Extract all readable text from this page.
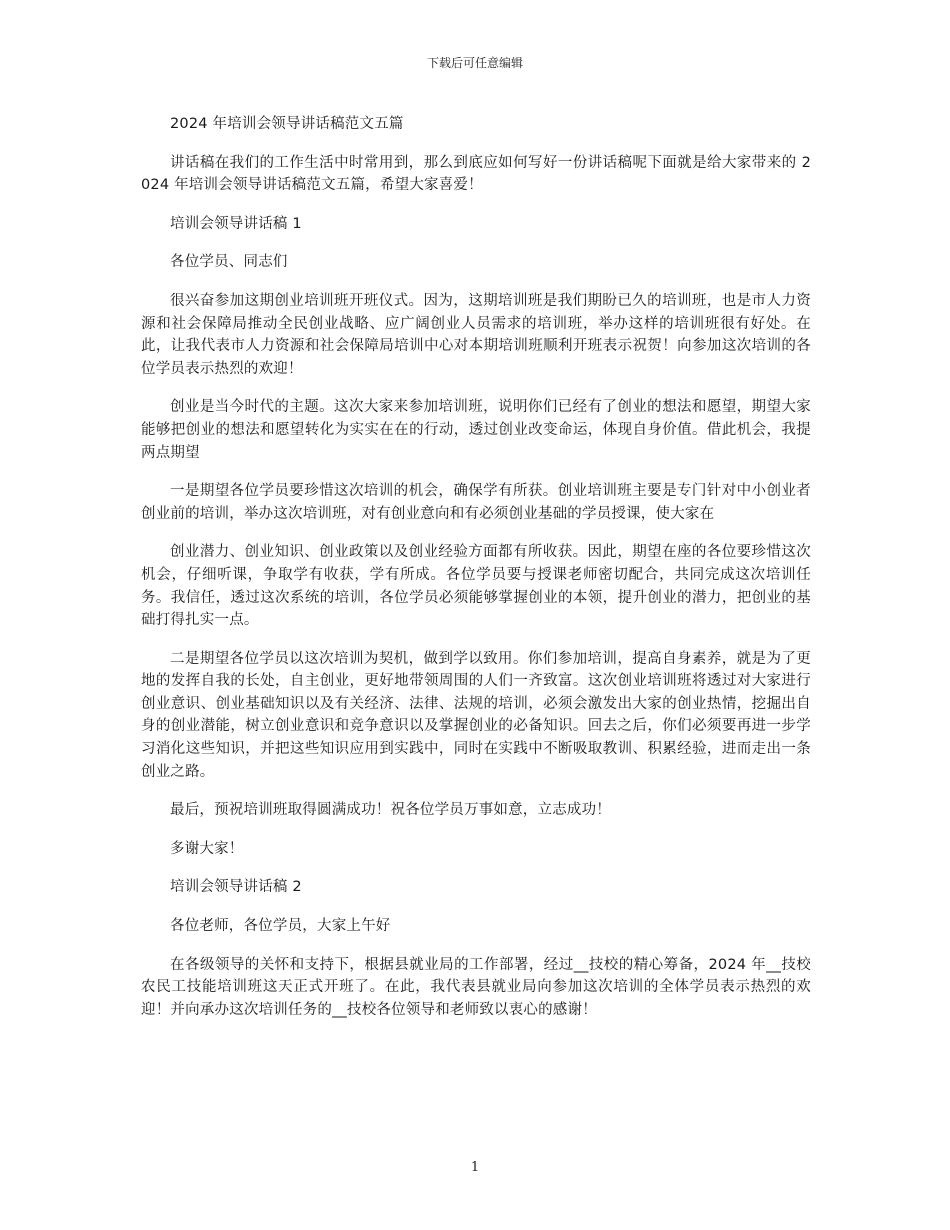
下载后可任意编辑

2024 年培训会领导讲话稿范文五篇

讲话稿在我们的工作生活中时常用到，那么到底应如何写好一份讲话稿呢下面就是给大家带来的 2024 年培训会领导讲话稿范文五篇，希望大家喜爱！

培训会领导讲话稿 1

各位学员、同志们

很兴奋参加这期创业培训班开班仪式。因为，这期培训班是我们期盼已久的培训班，也是市人力资源和社会保障局推动全民创业战略、应广阔创业人员需求的培训班，举办这样的培训班很有好处。在此，让我代表市人力资源和社会保障局培训中心对本期培训班顺利开班表示祝贺！向参加这次培训的各位学员表示热烈的欢迎！

创业是当今时代的主题。这次大家来参加培训班，说明你们已经有了创业的想法和愿望，期望大家能够把创业的想法和愿望转化为实实在在的行动，透过创业改变命运，体现自身价值。借此机会，我提两点期望

一是期望各位学员要珍惜这次培训的机会，确保学有所获。创业培训班主要是专门针对中小创业者创业前的培训，举办这次培训班，对有创业意向和有必须创业基础的学员授课，使大家在

创业潜力、创业知识、创业政策以及创业经验方面都有所收获。因此，期望在座的各位要珍惜这次机会，仔细听课，争取学有收获，学有所成。各位学员要与授课老师密切配合，共同完成这次培训任务。我信任，透过这次系统的培训，各位学员必须能够掌握创业的本领，提升创业的潜力，把创业的基础打得扎实一点。

二是期望各位学员以这次培训为契机，做到学以致用。你们参加培训，提高自身素养，就是为了更地的发挥自我的长处，自主创业，更好地带领周围的人们一齐致富。这次创业培训班将透过对大家进行创业意识、创业基础知识以及有关经济、法律、法规的培训，必须会激发出大家的创业热情，挖掘出自身的创业潜能，树立创业意识和竞争意识以及掌握创业的必备知识。回去之后，你们必须要再进一步学习消化这些知识，并把这些知识应用到实践中，同时在实践中不断吸取教训、积累经验，进而走出一条创业之路。

最后，预祝培训班取得圆满成功！祝各位学员万事如意，立志成功！

多谢大家！

培训会领导讲话稿 2

各位老师，各位学员，大家上午好

在各级领导的关怀和支持下，根据县就业局的工作部署，经过__技校的精心筹备，2024 年__技校农民工技能培训班这天正式开班了。在此，我代表县就业局向参加这次培训的全体学员表示热烈的欢迎！并向承办这次培训任务的__技校各位领导和老师致以衷心的感谢！

1
